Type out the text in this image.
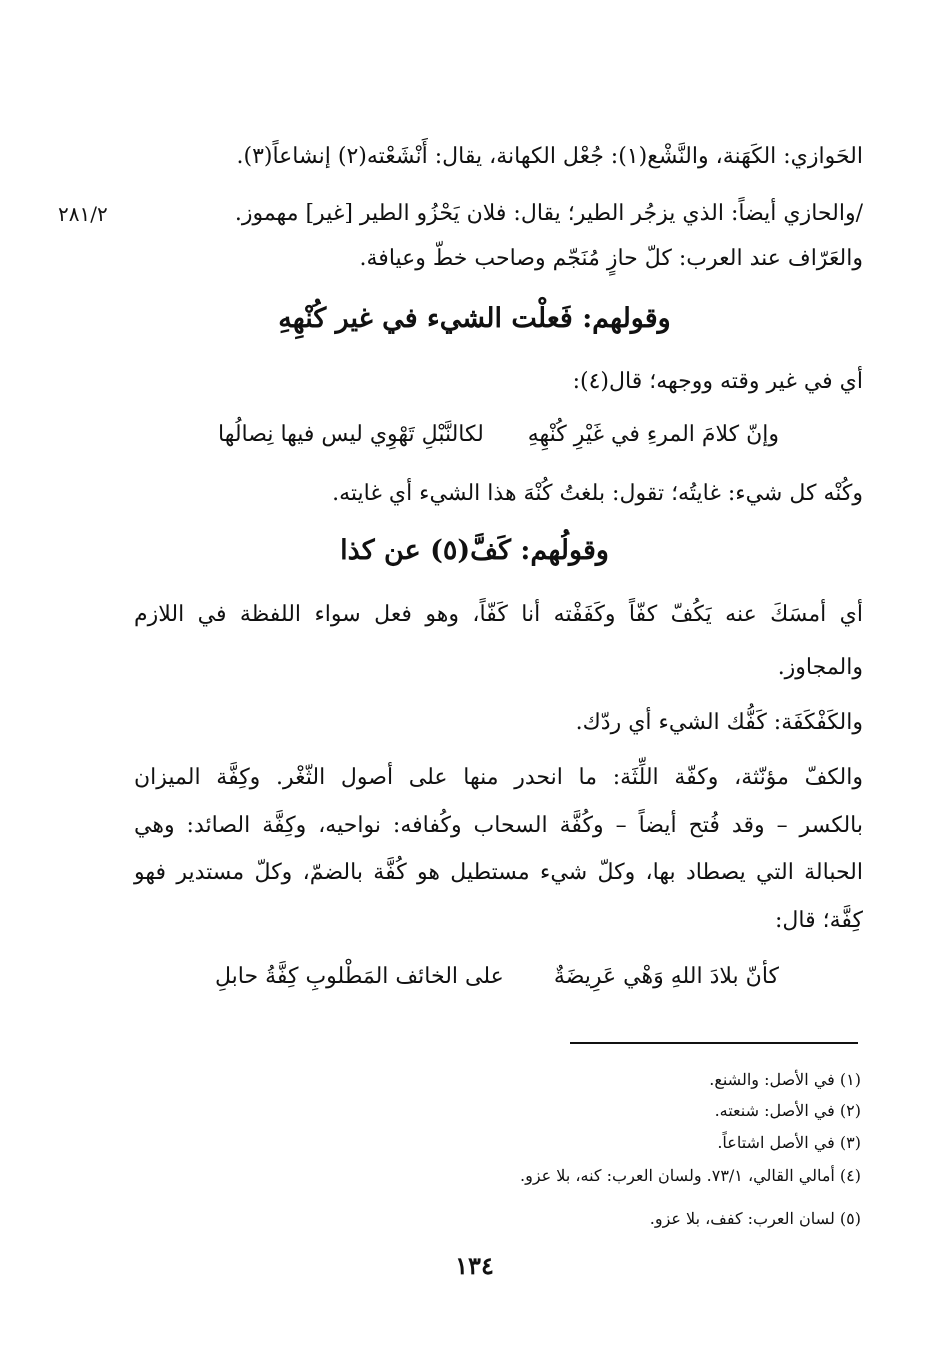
الحَوازي: الكَهَنة، والنَّشْع(١): جُعْل الكهانة، يقال: أَنْشَعْته(٢) إنشاعاً(٣).
/والحازي أيضاً: الذي يزجُر الطير؛ يقال: فلان يَحْزُو الطير [غير] مهموز.
٢٨١/٢
والعَرّاف عند العرب: كلّ حازٍ مُنَجّم وصاحب خطّ وعيافة.
وقولهم: فَعلْت الشيء في غير كُنْهِهِ
أي في غير وقته ووجهه؛ قال(٤):
وإنّ كلامَ المرءِ في غَيْرِ كُنْهِهِ
لكالنَّبْلِ تَهْوِي ليس فيها نِصالُها
وكُنْه كل شيء: غايتُه؛ تقول: بلغتُ كُنْهَ هذا الشيء أي غايته.
وقولُهم: كَفَّ(٥) عن كذا
أي أمسَكَ عنه يَكُفّ كفّاً وكَفَفْته أنا كَفّاً، وهو فعل سواء اللفظة في اللازم
والمجاوز.
والكَفْكَفَة: كَفُّك الشيء أي ردّك.
والكفّ مؤنّثة، وكفّة اللِّثَة: ما انحدر منها على أصول الثّغْر. وكِفَّة الميزان
بالكسر – وقد فُتح أيضاً – وكُفَّة السحاب وكُفافه: نواحيه، وكِفَّة الصائد: وهي
الحبالة التي يصطاد بها، وكلّ شيء مستطيل هو كُفَّة بالضمّ، وكلّ مستدير فهو
كِفَّة؛ قال:
كأنّ بلادَ اللهِ وَهْي عَرِيضَةٌ
على الخائف المَطْلوبِ كِفَّةُ حابلِ
(١) في الأصل: والشنع.
(٢) في الأصل: شنعته.
(٣) في الأصل اشتاعاً.
(٤) أمالي القالي، ٧٣/١. ولسان العرب: كنه، بلا عزو.
(٥) لسان العرب: كفف، بلا عزو.
١٣٤
